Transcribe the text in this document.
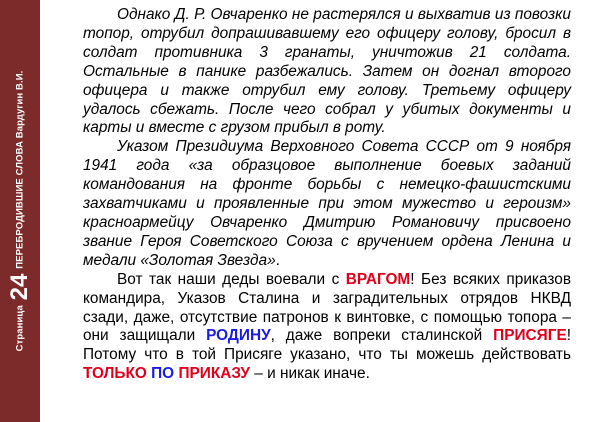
Страница 24 ПЕРЕБРОДИВШИЕ СЛОВА Вардугин В.И.

Однако Д. Р. Овчаренко не растерялся и выхватив из повозки топор, отрубил допрашивавшему его офицеру голову, бросил в солдат противника 3 гранаты, уничтожив 21 солдата. Остальные в панике разбежались. Затем он догнал второго офицера и также отрубил ему голову. Третьему офицеру удалось сбежать. После чего собрал у убитых документы и карты и вместе с грузом прибыл в роту.

Указом Президиума Верховного Совета СССР от 9 ноября 1941 года «за образцовое выполнение боевых заданий командования на фронте борьбы с немецко-фашистскими захватчиками и проявленные при этом мужество и героизм» красноармейцу Овчаренко Дмитрию Романовичу присвоено звание Героя Советского Союза с вручением ордена Ленина и медали «Золотая Звезда».

Вот так наши деды воевали с ВРАГОМ! Без всяких приказов командира, Указов Сталина и заградительных отрядов НКВД сзади, даже, отсутствие патронов к винтовке, с помощью топора – они защищали РОДИНУ, даже вопреки сталинской ПРИСЯГЕ! Потому что в той Присяге указано, что ты можешь действовать ТОЛЬКО ПО ПРИКАЗУ – и никак иначе.
